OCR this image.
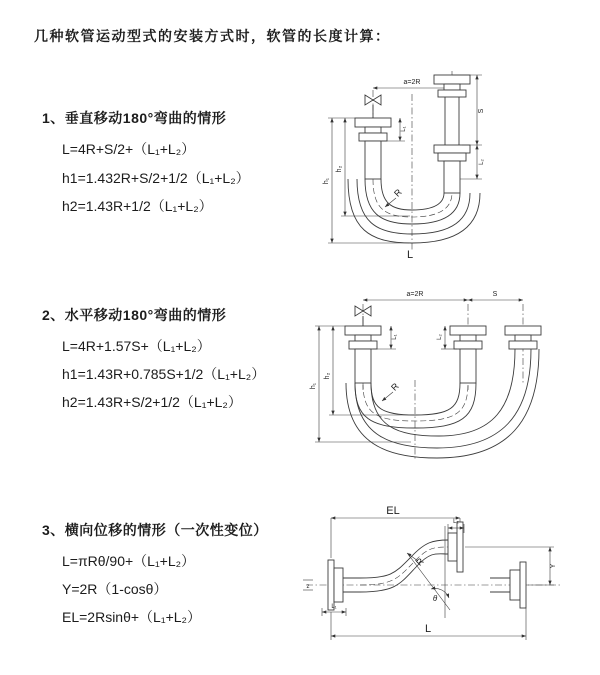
几种软管运动型式的安装方式时，软管的长度计算：
1、垂直移动180°弯曲的情形
L=4R+S/2+（L₁+L₂）
h1=1.432R+S/2+1/2（L₁+L₂）
h2=1.43R+1/2（L₁+L₂）
2、水平移动180°弯曲的情形
L=4R+1.57S+（L₁+L₂）
h1=1.43R+0.785S+1/2（L₁+L₂）
h2=1.43R+S/2+1/2（L₁+L₂）
3、横向位移的情形（一次性变位）
L=πRθ/90+（L₁+L₂）
Y=2R（1-cosθ）
EL=2Rsinθ+（L₁+L₂）
a=2R
h₁
h₂
L₁
S
L₂
R
L
a=2R	S
h₁
h₂
L₁	L₂
R
EL
L₂
Y
L
L₁
θ
R
z
